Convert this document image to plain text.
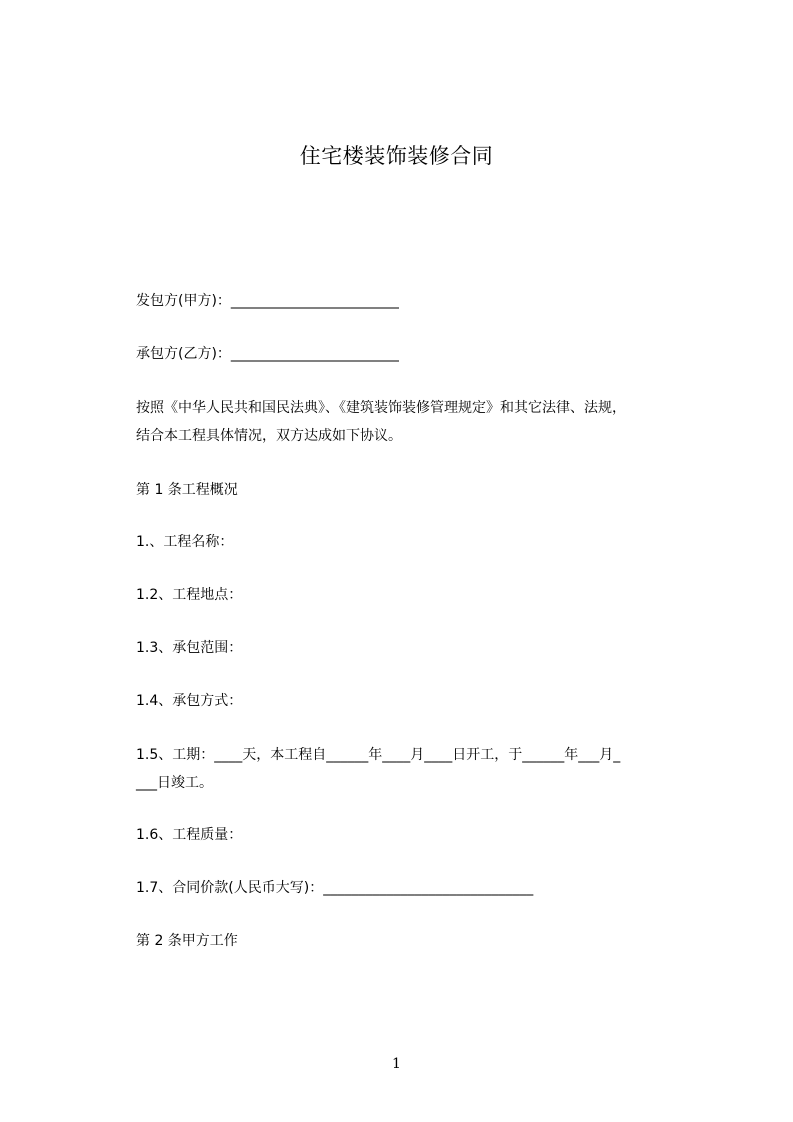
住宅楼装饰装修合同
发包方(甲方)：________________________
承包方(乙方)：________________________
按照《中华人民共和国民法典》、《建筑装饰装修管理规定》和其它法律、法规，
结合本工程具体情况，双方达成如下协议。
第 1 条工程概况
1.、工程名称：
1.2、工程地点：
1.3、承包范围：
1.4、承包方式：
1.5、工期：____天，本工程自______年____月____日开工，于______年___月_
___日竣工。
1.6、工程质量：
1.7、合同价款(人民币大写)：______________________________
第 2 条甲方工作
1
